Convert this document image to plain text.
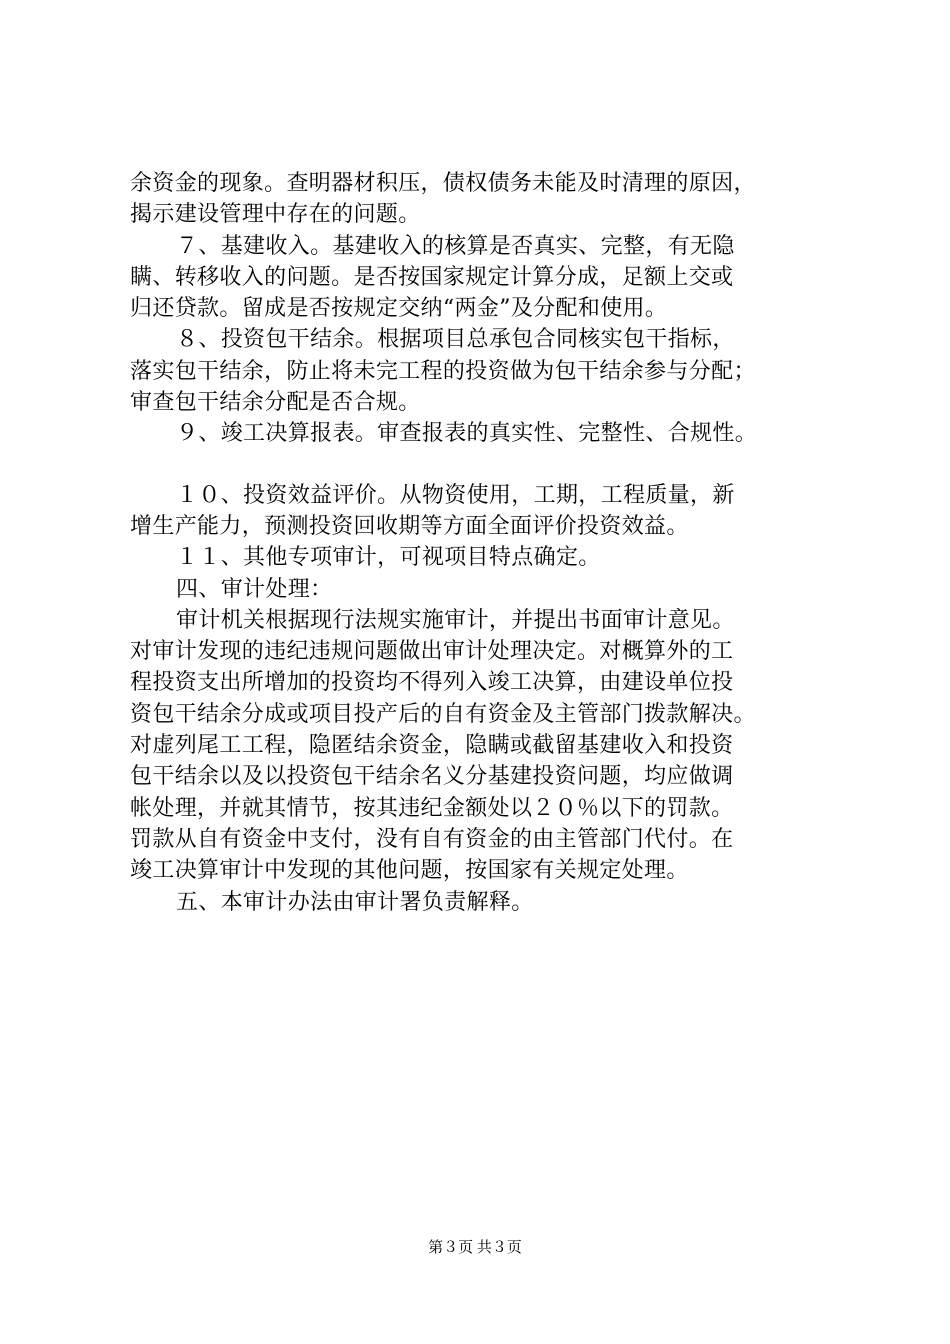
余资金的现象。查明器材积压，债权债务未能及时清理的原因，
揭示建设管理中存在的问题。
７、基建收入。基建收入的核算是否真实、完整，有无隐
瞒、转移收入的问题。是否按国家规定计算分成，足额上交或
归还贷款。留成是否按规定交纳“两金”及分配和使用。
８、投资包干结余。根据项目总承包合同核实包干指标，
落实包干结余，防止将未完工程的投资做为包干结余参与分配；
审查包干结余分配是否合规。
９、竣工决算报表。审查报表的真实性、完整性、合规性。
１０、投资效益评价。从物资使用，工期，工程质量，新
增生产能力，预测投资回收期等方面全面评价投资效益。
１１、其他专项审计，可视项目特点确定。
四、审计处理：
审计机关根据现行法规实施审计，并提出书面审计意见。
对审计发现的违纪违规问题做出审计处理决定。对概算外的工
程投资支出所增加的投资均不得列入竣工决算，由建设单位投
资包干结余分成或项目投产后的自有资金及主管部门拨款解决。
对虚列尾工工程，隐匿结余资金，隐瞒或截留基建收入和投资
包干结余以及以投资包干结余名义分基建投资问题，均应做调
帐处理，并就其情节，按其违纪金额处以２０％以下的罚款。
罚款从自有资金中支付，没有自有资金的由主管部门代付。在
竣工决算审计中发现的其他问题，按国家有关规定处理。
五、本审计办法由审计署负责解释。
第３页 共３页
